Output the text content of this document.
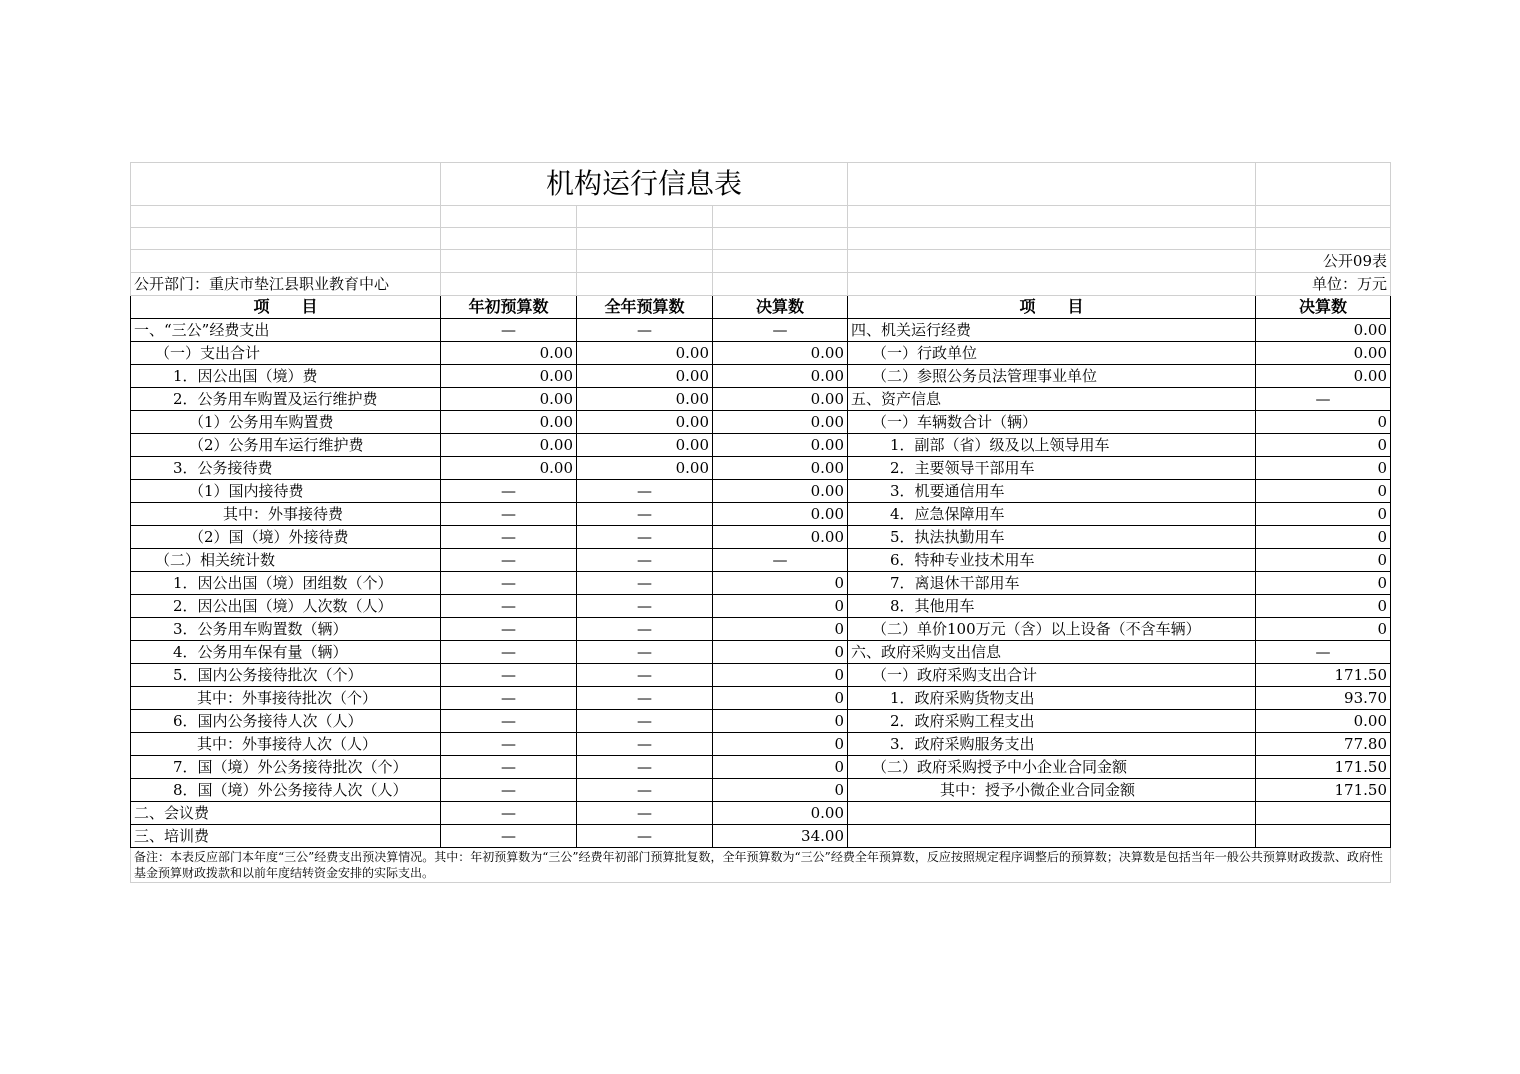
	机构运行信息表				

					公开09表
公开部门：重庆市垫江县职业教育中心					单位：万元
项　　目	年初预算数	全年预算数	决算数	项　　目	决算数
一、“三公”经费支出	—	—	—	四、机关运行经费	0.00
（一）支出合计	0.00	0.00	0.00	（一）行政单位	0.00
1．因公出国（境）费	0.00	0.00	0.00	（二）参照公务员法管理事业单位	0.00
2．公务用车购置及运行维护费	0.00	0.00	0.00	五、资产信息	—
（1）公务用车购置费	0.00	0.00	0.00	（一）车辆数合计（辆）	0
（2）公务用车运行维护费	0.00	0.00	0.00	1．副部（省）级及以上领导用车	0
3．公务接待费	0.00	0.00	0.00	2．主要领导干部用车	0
（1）国内接待费	—	—	0.00	3．机要通信用车	0
其中：外事接待费	—	—	0.00	4．应急保障用车	0
（2）国（境）外接待费	—	—	0.00	5．执法执勤用车	0
（二）相关统计数	—	—	—	6．特种专业技术用车	0
1．因公出国（境）团组数（个）	—	—	0	7．离退休干部用车	0
2．因公出国（境）人次数（人）	—	—	0	8．其他用车	0
3．公务用车购置数（辆）	—	—	0	（二）单价100万元（含）以上设备（不含车辆）	0
4．公务用车保有量（辆）	—	—	0	六、政府采购支出信息	—
5．国内公务接待批次（个）	—	—	0	（一）政府采购支出合计	171.50
其中：外事接待批次（个）	—	—	0	1．政府采购货物支出	93.70
6．国内公务接待人次（人）	—	—	0	2．政府采购工程支出	0.00
其中：外事接待人次（人）	—	—	0	3．政府采购服务支出	77.80
7．国（境）外公务接待批次（个）	—	—	0	（二）政府采购授予中小企业合同金额	171.50
8．国（境）外公务接待人次（人）	—	—	0	其中：授予小微企业合同金额	171.50
二、会议费	—	—	0.00		
三、培训费	—	—	34.00		
备注：本表反应部门本年度“三公”经费支出预决算情况。其中：年初预算数为“三公”经费年初部门预算批复数，全年预算数为“三公”经费全年预算数，反应按照规定程序调整后的预算数；决算数是包括当年一般公共预算财政拨款、政府性基金预算财政拨款和以前年度结转资金安排的实际支出。					
